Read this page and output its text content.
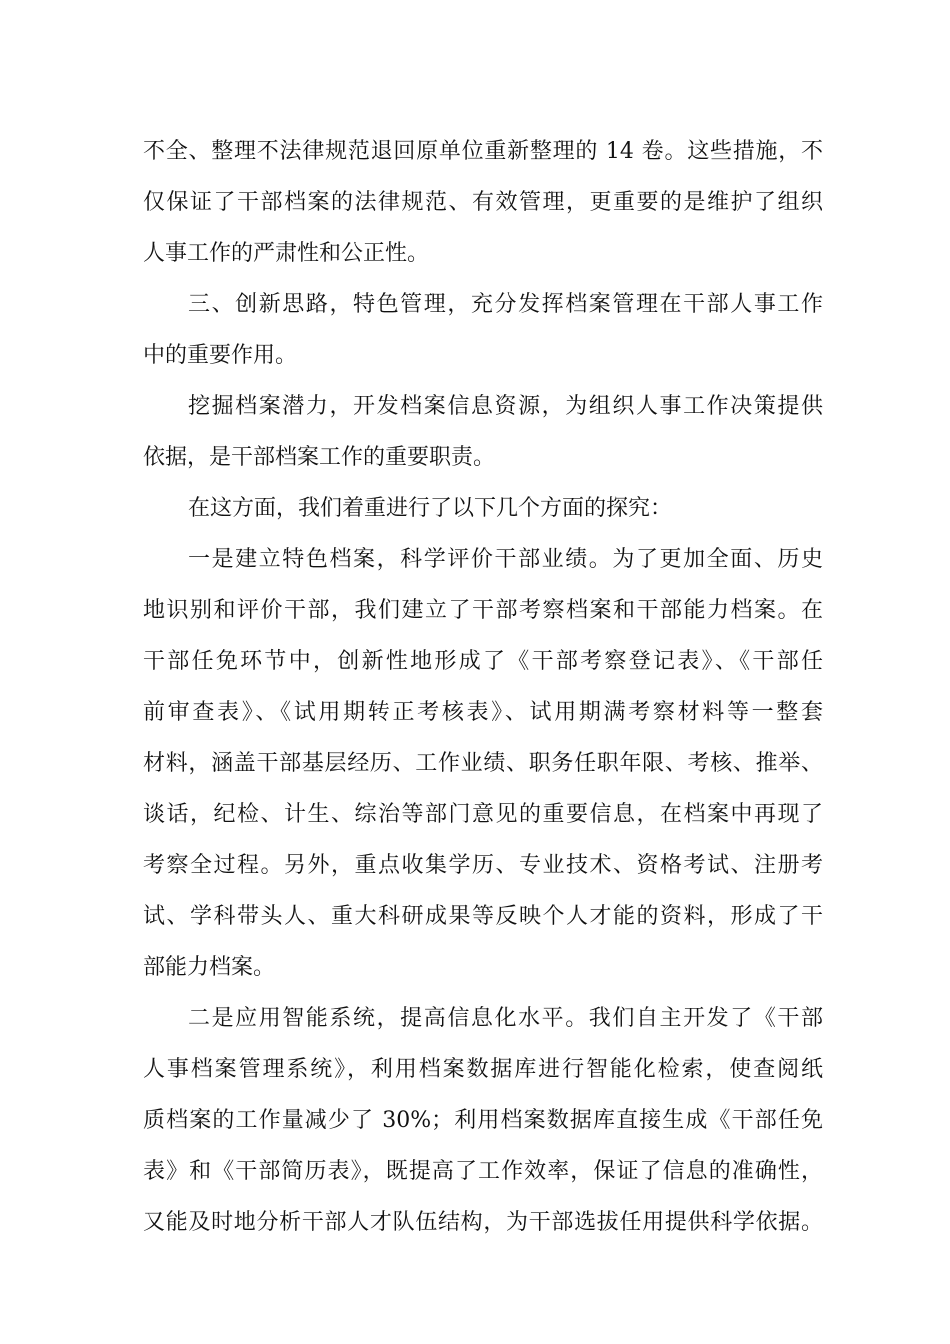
不全、整理不法律规范退回原单位重新整理的 14 卷。这些措施，不
仅保证了干部档案的法律规范、有效管理，更重要的是维护了组织
人事工作的严肃性和公正性。
三、创新思路，特色管理，充分发挥档案管理在干部人事工作
中的重要作用。
挖掘档案潜力，开发档案信息资源，为组织人事工作决策提供
依据，是干部档案工作的重要职责。
在这方面，我们着重进行了以下几个方面的探究：
一是建立特色档案，科学评价干部业绩。为了更加全面、历史
地识别和评价干部，我们建立了干部考察档案和干部能力档案。在
干部任免环节中，创新性地形成了《干部考察登记表》、《干部任
前审查表》、《试用期转正考核表》、试用期满考察材料等一整套
材料，涵盖干部基层经历、工作业绩、职务任职年限、考核、推举、
谈话，纪检、计生、综治等部门意见的重要信息，在档案中再现了
考察全过程。另外，重点收集学历、专业技术、资格考试、注册考
试、学科带头人、重大科研成果等反映个人才能的资料，形成了干
部能力档案。
二是应用智能系统，提高信息化水平。我们自主开发了《干部
人事档案管理系统》，利用档案数据库进行智能化检索，使查阅纸
质档案的工作量减少了 30%；利用档案数据库直接生成《干部任免
表》和《干部简历表》，既提高了工作效率，保证了信息的准确性，
又能及时地分析干部人才队伍结构，为干部选拔任用提供科学依据。
